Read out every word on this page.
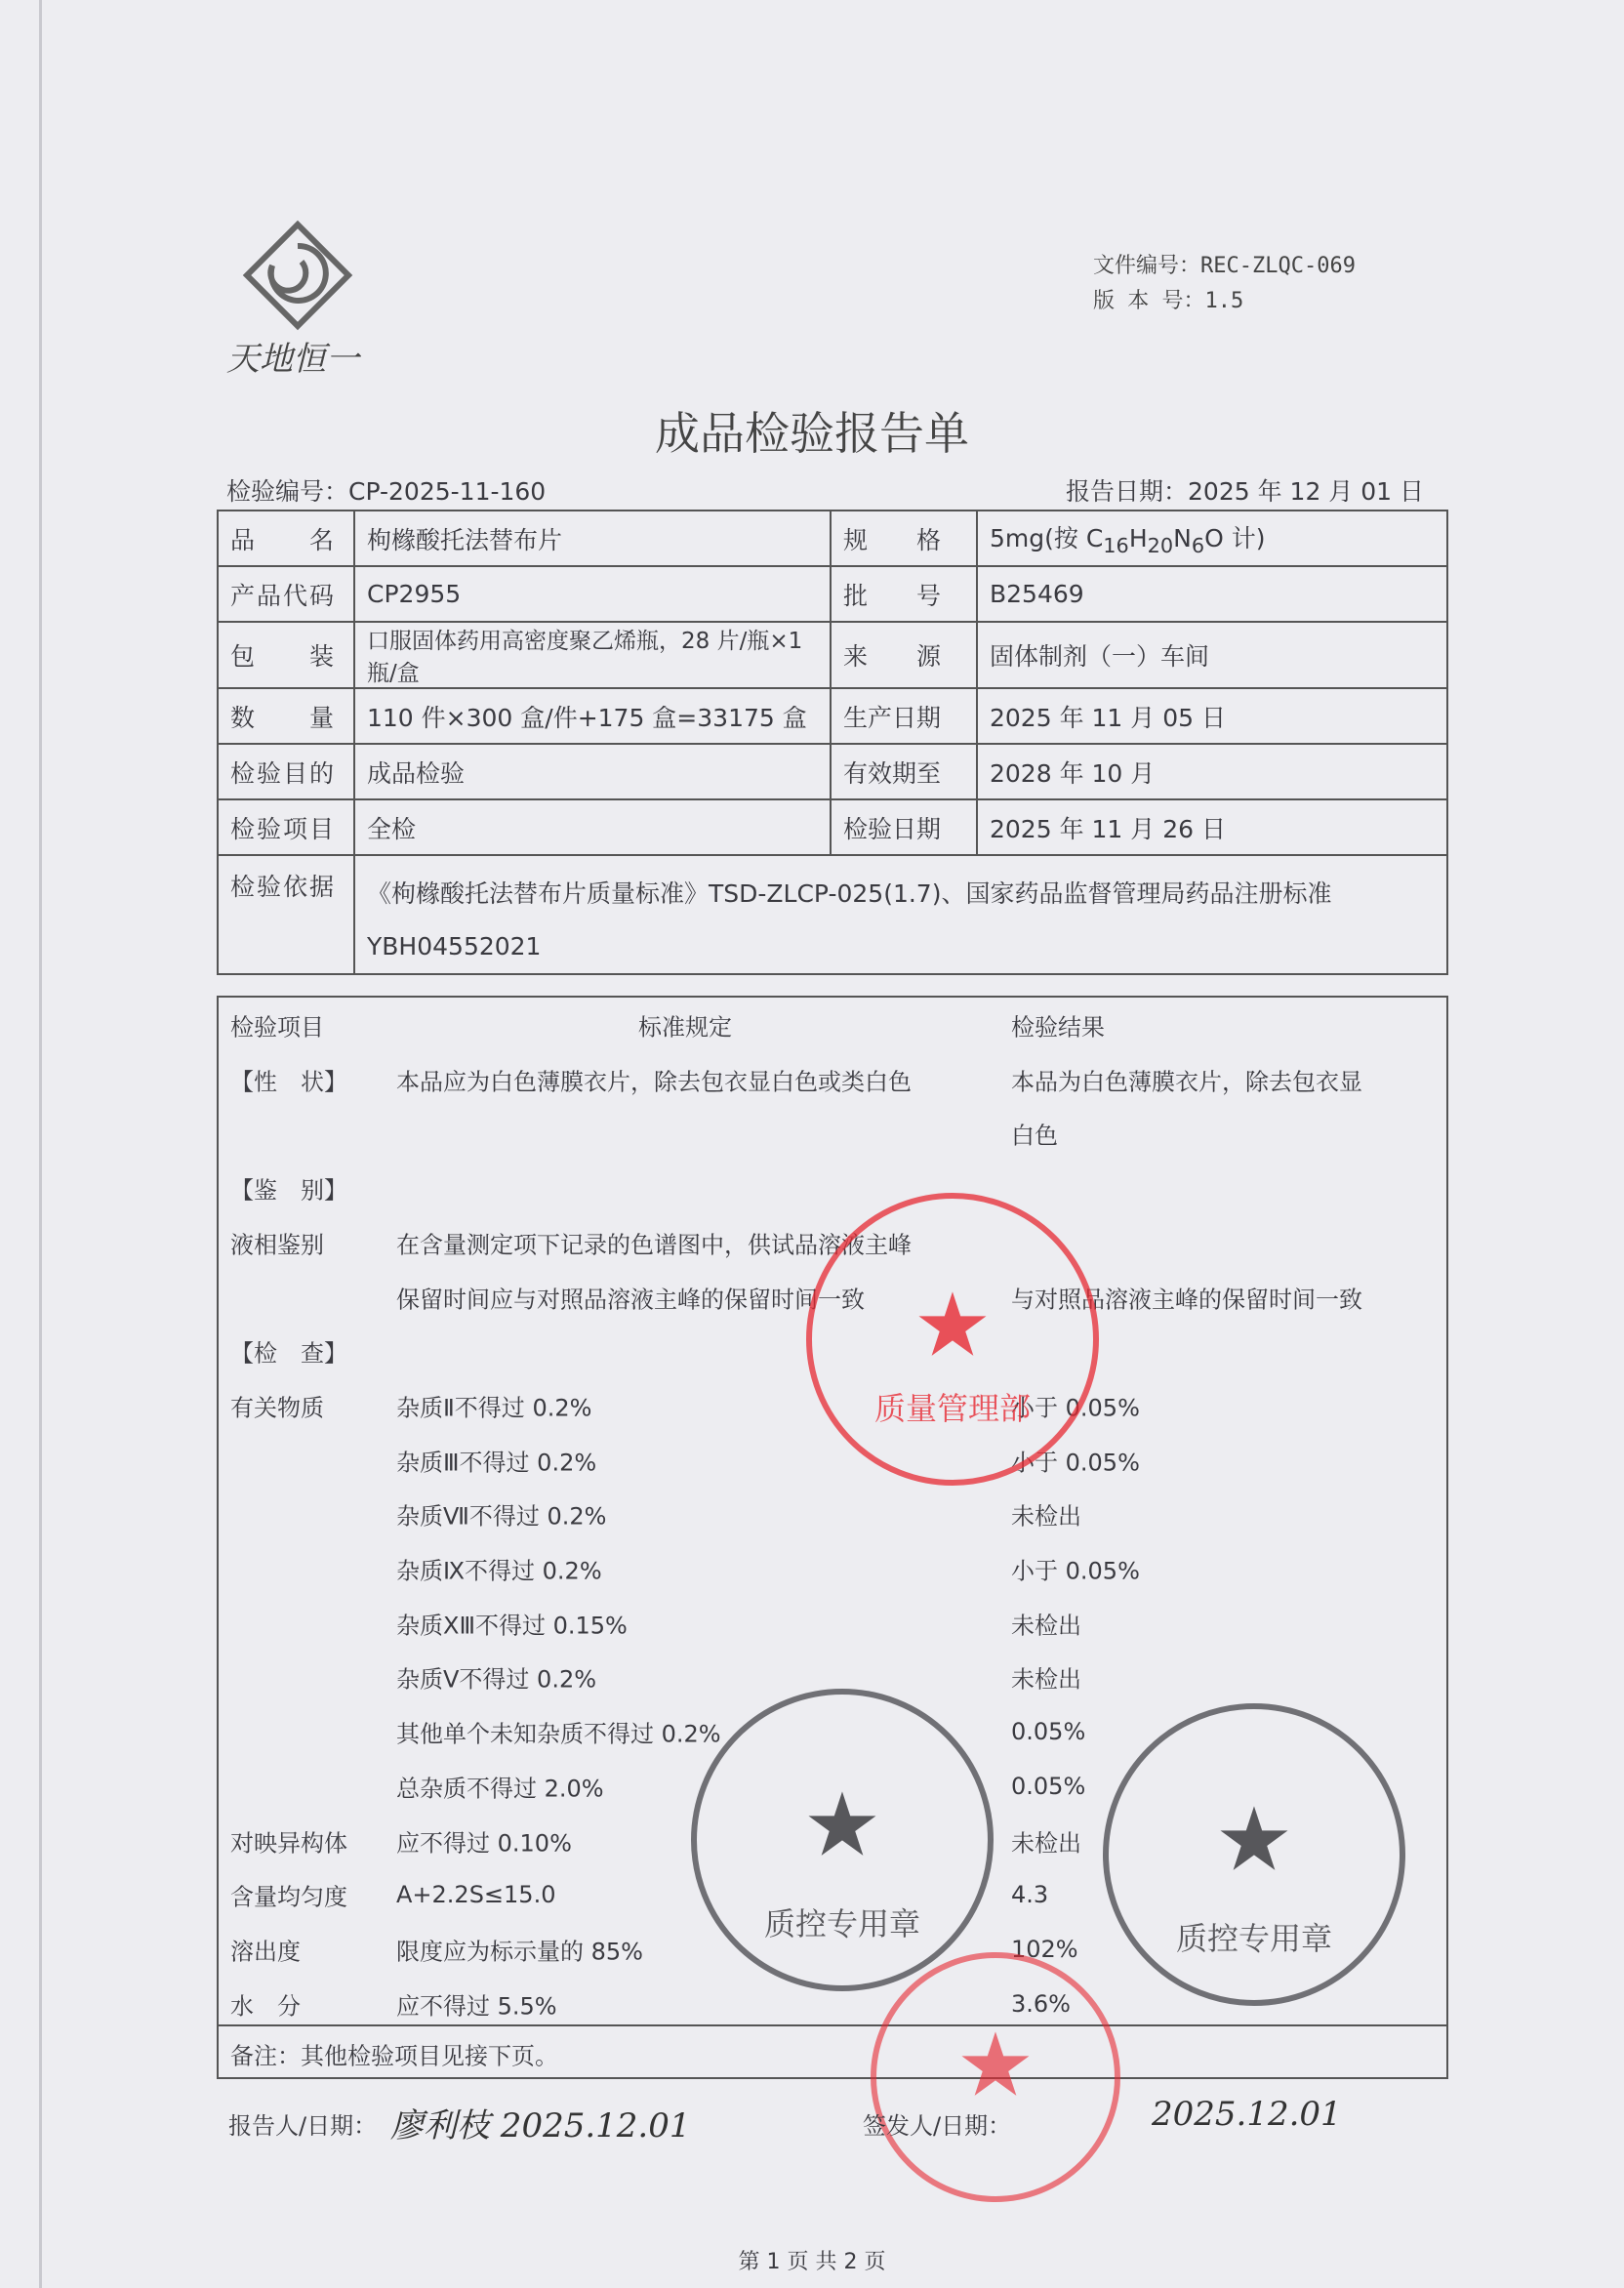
天地恒一
文件编号：REC-ZLQC-069
版 本 号：1.5
成品检验报告单
检验编号：CP-2025-11-160	报告日期：2025 年 12 月 01 日
品　　名	枸橼酸托法替布片	规　　格	5mg(按 $C_{16}H_{20}N_6O$ 计)
产品代码	CP2955	批　　号	B25469
包　　装	口服固体药用高密度聚乙烯瓶，28 片/瓶×1 瓶/盒	来　　源	固体制剂（一）车间
数　　量	110 件×300 盒/件+175 盒=33175 盒	生产日期	2025 年 11 月 05 日
检验目的	成品检验	有效期至	2028 年 10 月
检验项目	全检	检验日期	2025 年 11 月 26 日
检验依据	《枸橼酸托法替布片质量标准》TSD-ZLCP-025(1.7)、国家药品监督管理局药品注册标准
YBH04552021		
检验项目	标准规定	检验结果
【性　状】 本品应为白色薄膜衣片，除去包衣显白色或类白色	本品为白色薄膜衣片，除去包衣显
白色
【鉴　别】
液相鉴别	在含量测定项下记录的色谱图中，供试品溶液主峰
保留时间应与对照品溶液主峰的保留时间一致	与对照品溶液主峰的保留时间一致
【检　查】
有关物质	杂质Ⅱ不得过 0.2%	小于 0.05%
杂质Ⅲ不得过 0.2%	小于 0.05%
杂质Ⅶ不得过 0.2%	未检出
杂质Ⅸ不得过 0.2%	小于 0.05%
杂质ⅩⅢ不得过 0.15%	未检出
杂质Ⅴ不得过 0.2%	未检出
其他单个未知杂质不得过 0.2%	0.05%
总杂质不得过 2.0%	0.05%
对映异构体 应不得过 0.10%	未检出
含量均匀度 A+2.2S≤15.0	4.3
溶出度	限度应为标示量的 85%	102%
水　分	应不得过 5.5%	3.6%
备注：其他检验项目见接下页。
★
质量管理部
★
质控专用章
★
质控专用章
★
报告人/日期： 廖利枝 2025.12.01	签发人/日期：	2025.12.01
第 1 页 共 2 页
